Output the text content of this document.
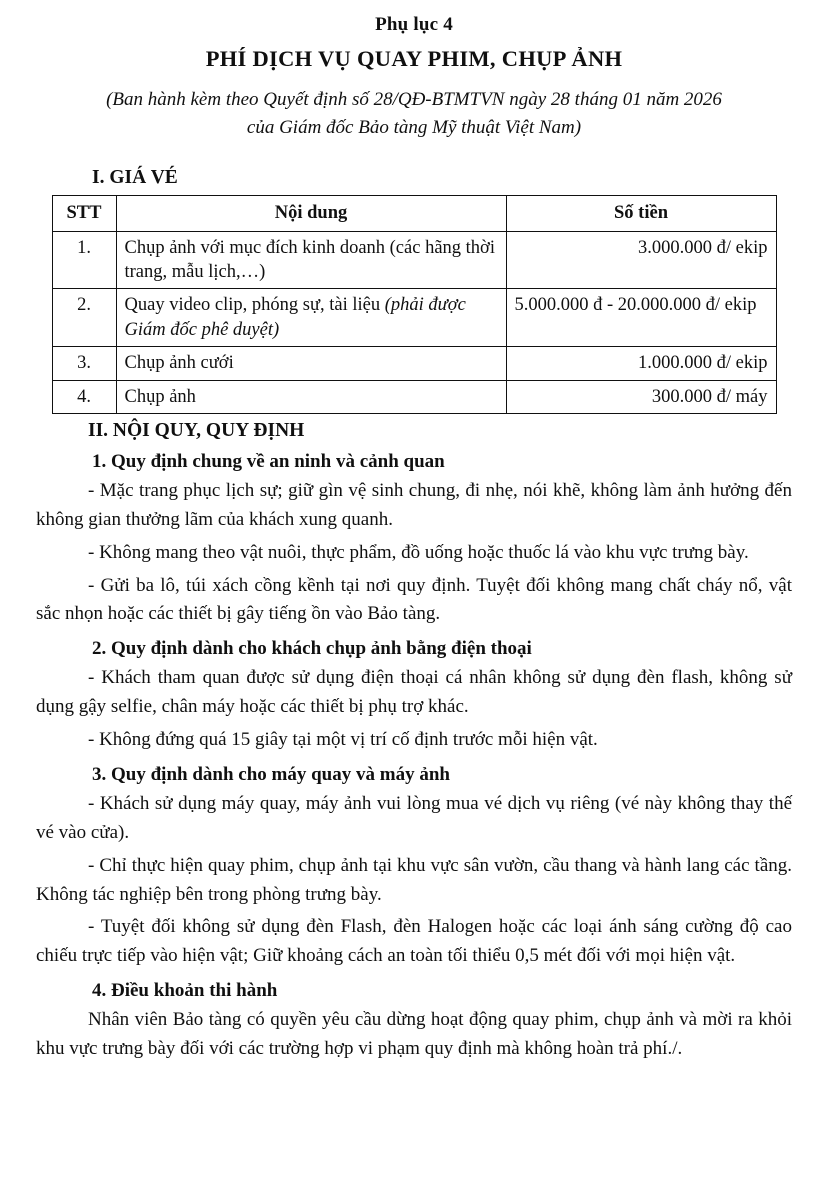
Phụ lục 4
PHÍ DỊCH VỤ QUAY PHIM, CHỤP ẢNH
(Ban hành kèm theo Quyết định số 28/QĐ-BTMTVN ngày 28 tháng 01 năm 2026
của Giám đốc Bảo tàng Mỹ thuật Việt Nam)
I. GIÁ VÉ
STT	Nội dung	Số tiền
1.	Chụp ảnh với mục đích kinh doanh (các hãng thời trang, mẫu lịch,…)	3.000.000 đ/ ekip
2.	Quay video clip, phóng sự, tài liệu (phải được Giám đốc phê duyệt)	5.000.000 đ - 20.000.000 đ/ ekip
3.	Chụp ảnh cưới	1.000.000 đ/ ekip
4.	Chụp ảnh	300.000 đ/ máy
II. NỘI QUY, QUY ĐỊNH
1. Quy định chung về an ninh và cảnh quan

- Mặc trang phục lịch sự; giữ gìn vệ sinh chung, đi nhẹ, nói khẽ, không làm ảnh hưởng đến không gian thưởng lãm của khách xung quanh.

- Không mang theo vật nuôi, thực phẩm, đồ uống hoặc thuốc lá vào khu vực trưng bày.

- Gửi ba lô, túi xách cồng kềnh tại nơi quy định. Tuyệt đối không mang chất cháy nổ, vật sắc nhọn hoặc các thiết bị gây tiếng ồn vào Bảo tàng.

2. Quy định dành cho khách chụp ảnh bằng điện thoại

- Khách tham quan được sử dụng điện thoại cá nhân không sử dụng đèn flash, không sử dụng gậy selfie, chân máy hoặc các thiết bị phụ trợ khác.

- Không đứng quá 15 giây tại một vị trí cố định trước mỗi hiện vật.

3. Quy định dành cho máy quay và máy ảnh

- Khách sử dụng máy quay, máy ảnh vui lòng mua vé dịch vụ riêng (vé này không thay thế vé vào cửa).

- Chỉ thực hiện quay phim, chụp ảnh tại khu vực sân vườn, cầu thang và hành lang các tầng. Không tác nghiệp bên trong phòng trưng bày.

- Tuyệt đối không sử dụng đèn Flash, đèn Halogen hoặc các loại ánh sáng cường độ cao chiếu trực tiếp vào hiện vật; Giữ khoảng cách an toàn tối thiểu 0,5 mét đối với mọi hiện vật.

4. Điều khoản thi hành

Nhân viên Bảo tàng có quyền yêu cầu dừng hoạt động quay phim, chụp ảnh và mời ra khỏi khu vực trưng bày đối với các trường hợp vi phạm quy định mà không hoàn trả phí./.
